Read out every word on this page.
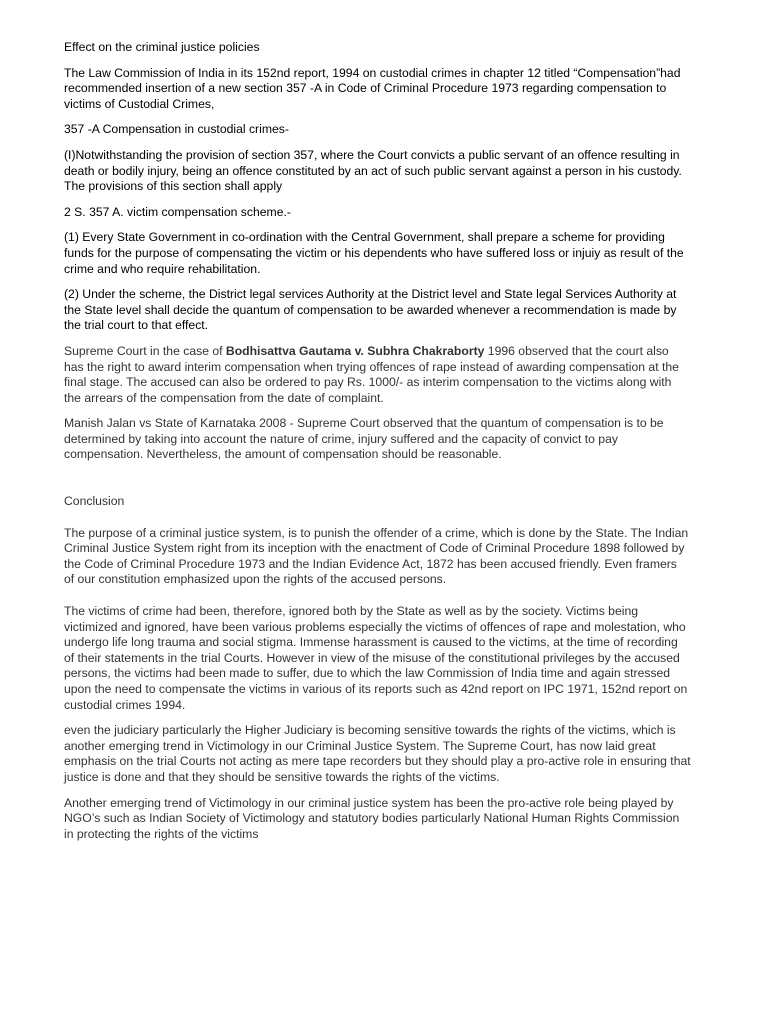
Effect on the criminal justice policies

The Law Commission of India in its 152nd report, 1994 on custodial crimes in chapter 12 titled “Compensation”had
recommended insertion of a new section 357 -A in Code of Criminal Procedure 1973 regarding compensation to
victims of Custodial Crimes,

357 -A Compensation in custodial crimes-

(I)Notwithstanding the provision of section 357, where the Court convicts a public servant of an offence resulting in
death or bodily injury, being an offence constituted by an act of such public servant against a person in his custody.
The provisions of this section shall apply

2 S. 357 A. victim compensation scheme.-

(1) Every State Government in co-ordination with the Central Government, shall prepare a scheme for providing
funds for the purpose of compensating the victim or his dependents who have suffered loss or injuiy as result of the
crime and who require rehabilitation.

(2) Under the scheme, the District legal services Authority at the District level and State legal Services Authority at
the State level shall decide the quantum of compensation to be awarded whenever a recommendation is made by
the trial court to that effect.

Supreme Court in the case of Bodhisattva Gautama v. Subhra Chakraborty 1996 observed that the court also
has the right to award interim compensation when trying offences of rape instead of awarding compensation at the
final stage. The accused can also be ordered to pay Rs. 1000/- as interim compensation to the victims along with
the arrears of the compensation from the date of complaint.

Manish Jalan vs State of Karnataka 2008 - Supreme Court observed that the quantum of compensation is to be
determined by taking into account the nature of crime, injury suffered and the capacity of convict to pay
compensation. Nevertheless, the amount of compensation should be reasonable.

Conclusion

The purpose of a criminal justice system, is to punish the offender of a crime, which is done by the State. The Indian
Criminal Justice System right from its inception with the enactment of Code of Criminal Procedure 1898 followed by
the Code of Criminal Procedure 1973 and the Indian Evidence Act, 1872 has been accused friendly. Even framers
of our constitution emphasized upon the rights of the accused persons.

The victims of crime had been, therefore, ignored both by the State as well as by the society. Victims being
victimized and ignored, have been various problems especially the victims of offences of rape and molestation, who
undergo life long trauma and social stigma. Immense harassment is caused to the victims, at the time of recording
of their statements in the trial Courts. However in view of the misuse of the constitutional privileges by the accused
persons, the victims had been made to suffer, due to which the law Commission of India time and again stressed
upon the need to compensate the victims in various of its reports such as 42nd report on IPC 1971, 152nd report on
custodial crimes 1994.

even the judiciary particularly the Higher Judiciary is becoming sensitive towards the rights of the victims, which is
another emerging trend in Victimology in our Criminal Justice System. The Supreme Court, has now laid great
emphasis on the trial Courts not acting as mere tape recorders but they should play a pro-active role in ensuring that
justice is done and that they should be sensitive towards the rights of the victims.

Another emerging trend of Victimology in our criminal justice system has been the pro-active role being played by
NGO’s such as Indian Society of Victimology and statutory bodies particularly National Human Rights Commission
in protecting the rights of the victims
